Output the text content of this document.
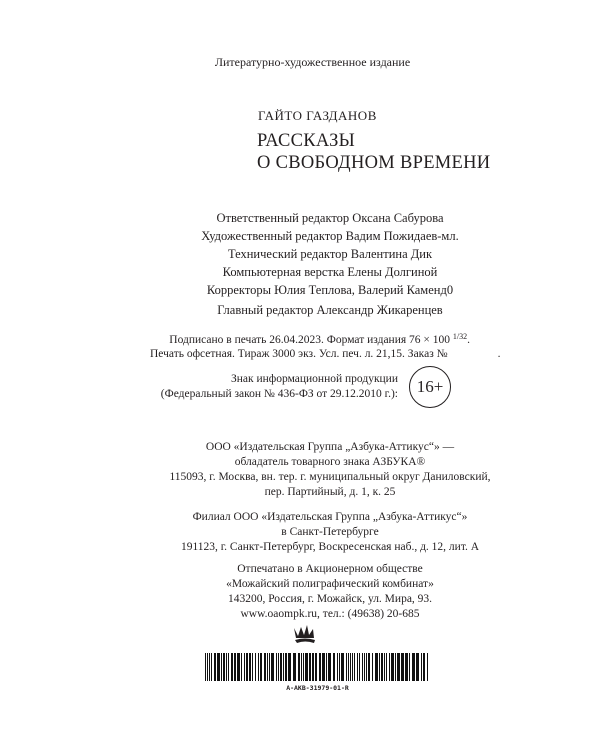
Литературно-художественное издание
ГАЙТО ГАЗДАНОВ
РАССКАЗЫ
О СВОБОДНОМ ВРЕМЕНИ
Ответственный редактор Оксана Сабурова
Художественный редактор Вадим Пожидаев-мл.
Технический редактор Валентина Дик
Компьютерная верстка Елены Долгиной
Корректоры Юлия Теплова, Валерий Каменд0
Главный редактор Александр Жикаренцев
Подписано в печать 26.04.2023. Формат издания 76 × 100 $^{1/32}$.
Печать офсетная. Тираж 3000 экз. Усл. печ. л. 21,15. Заказ №	.
Знак информационной продукции
(Федеральный закон № 436-ФЗ от 29.12.2010 г.):	16+
ООО «Издательская Группа „Азбука-Аттикус“» —
обладатель товарного знака АЗБУКА®
115093, г. Москва, вн. тер. г. муниципальный округ Даниловский,
пер. Партийный, д. 1, к. 25
Филиал ООО «Издательская Группа „Азбука-Аттикус“»
в Санкт-Петербурге
191123, г. Санкт-Петербург, Воскресенская наб., д. 12, лит. А
Отпечатано в Акционерном обществе
«Можайский полиграфический комбинат»
143200, Россия, г. Можайск, ул. Мира, 93.
www.oaompk.ru, тел.: (49638) 20-685
A-AKB-31979-01-R
